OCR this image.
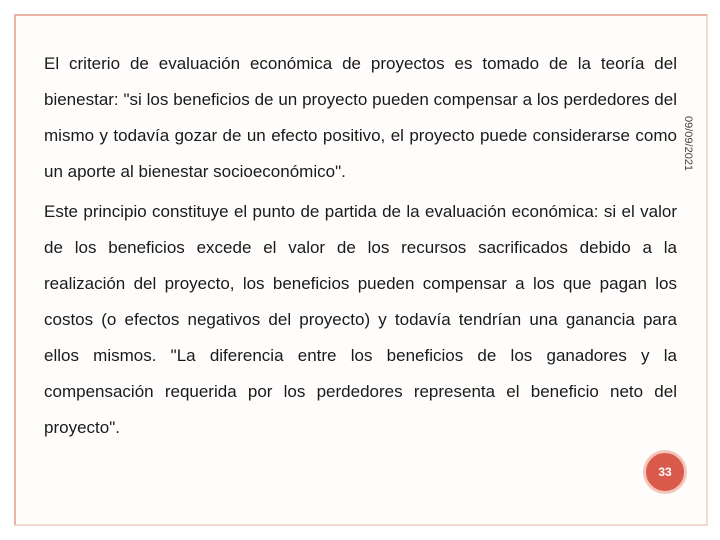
El criterio de evaluación económica de proyectos es tomado de la teoría del bienestar: "si los beneficios de un proyecto pueden compensar a los perdedores del mismo y todavía gozar de un efecto positivo, el proyecto puede considerarse como un aporte al bienestar socioeconómico".

Este principio constituye el punto de partida de la evaluación económica: si el valor de los beneficios excede el valor de los recursos sacrificados debido a la realización del proyecto, los beneficios pueden compensar a los que pagan los costos (o efectos negativos del proyecto) y todavía tendrían una ganancia para ellos mismos. "La diferencia entre los beneficios de los ganadores y la compensación requerida por los perdedores representa el beneficio neto del proyecto".

09/09/2021
33
